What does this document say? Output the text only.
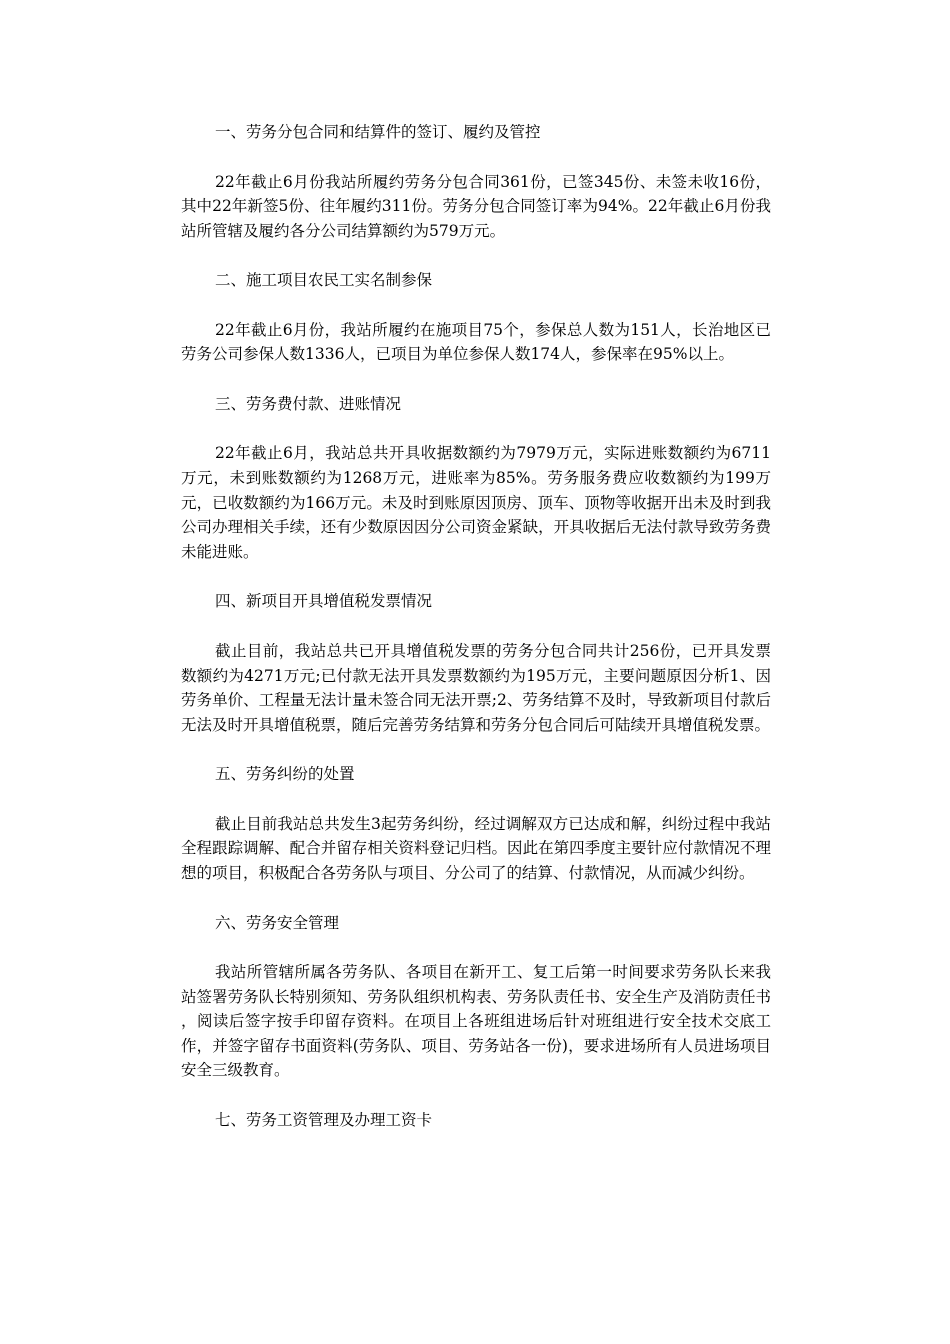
一、劳务分包合同和结算件的签订、履约及管控
22年截止6月份我站所履约劳务分包合同361份，已签345份、未签未收16份，其中22年新签5份、往年履约311份。劳务分包合同签订率为94%。22年截止6月份我站所管辖及履约各分公司结算额约为579万元。
二、施工项目农民工实名制参保
22年截止6月份，我站所履约在施项目75个，参保总人数为151人，长治地区已劳务公司参保人数1336人，已项目为单位参保人数174人，参保率在95%以上。
三、劳务费付款、进账情况
22年截止6月，我站总共开具收据数额约为7979万元，实际进账数额约为6711万元，未到账数额约为1268万元，进账率为85%。劳务服务费应收数额约为199万元，已收数额约为166万元。未及时到账原因顶房、顶车、顶物等收据开出未及时到我公司办理相关手续，还有少数原因因分公司资金紧缺，开具收据后无法付款导致劳务费未能进账。
四、新项目开具增值税发票情况
截止目前，我站总共已开具增值税发票的劳务分包合同共计256份，已开具发票数额约为4271万元;已付款无法开具发票数额约为195万元，主要问题原因分析1、因劳务单价、工程量无法计量未签合同无法开票;2、劳务结算不及时，导致新项目付款后无法及时开具增值税票，随后完善劳务结算和劳务分包合同后可陆续开具增值税发票。
五、劳务纠纷的处置
截止目前我站总共发生3起劳务纠纷，经过调解双方已达成和解，纠纷过程中我站全程跟踪调解、配合并留存相关资料登记归档。因此在第四季度主要针应付款情况不理想的项目，积极配合各劳务队与项目、分公司了的结算、付款情况，从而减少纠纷。
六、劳务安全管理
我站所管辖所属各劳务队、各项目在新开工、复工后第一时间要求劳务队长来我站签署劳务队长特别须知、劳务队组织机构表、劳务队责任书、安全生产及消防责任书 ，阅读后签字按手印留存资料。在项目上各班组进场后针对班组进行安全技术交底工作，并签字留存书面资料(劳务队、项目、劳务站各一份)，要求进场所有人员进场项目安全三级教育。
七、劳务工资管理及办理工资卡
